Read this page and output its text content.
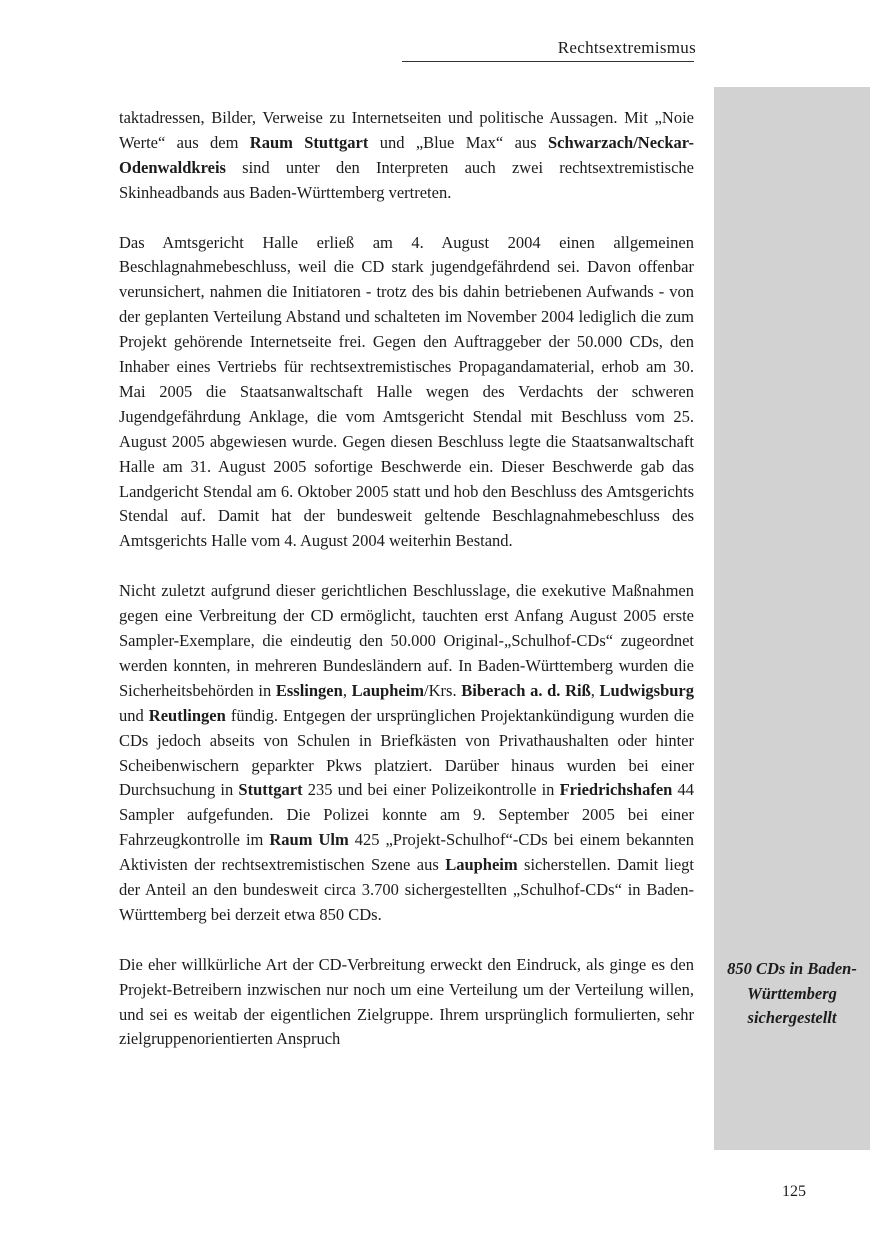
Rechtsextremismus
850 CDs in Baden-Württemberg sichergestellt

taktadressen, Bilder, Verweise zu Internetseiten und politische Aussagen. Mit „Noie Werte“ aus dem Raum Stuttgart und „Blue Max“ aus Schwarzach/Neckar-Odenwaldkreis sind unter den Interpreten auch zwei rechtsextremistische Skinheadbands aus Baden-Württemberg vertreten.

Das Amtsgericht Halle erließ am 4. August 2004 einen allgemeinen Beschlagnahmebeschluss, weil die CD stark jugendgefährdend sei. Davon offenbar verunsichert, nahmen die Initiatoren - trotz des bis dahin betriebenen Aufwands - von der geplanten Verteilung Abstand und schalteten im November 2004 lediglich die zum Projekt gehörende Internetseite frei. Gegen den Auftraggeber der 50.000 CDs, den Inhaber eines Vertriebs für rechtsextremistisches Propagandamaterial, erhob am 30. Mai 2005 die Staatsanwaltschaft Halle wegen des Verdachts der schweren Jugendgefährdung Anklage, die vom Amtsgericht Stendal mit Beschluss vom 25. August 2005 abgewiesen wurde. Gegen diesen Beschluss legte die Staatsanwaltschaft Halle am 31. August 2005 sofortige Beschwerde ein. Dieser Beschwerde gab das Landgericht Stendal am 6. Oktober 2005 statt und hob den Beschluss des Amtsgerichts Stendal auf. Damit hat der bundesweit geltende Beschlagnahmebeschluss des Amtsgerichts Halle vom 4. August 2004 weiterhin Bestand.

Nicht zuletzt aufgrund dieser gerichtlichen Beschlusslage, die exekutive Maßnahmen gegen eine Verbreitung der CD ermöglicht, tauchten erst Anfang August 2005 erste Sampler-Exemplare, die eindeutig den 50.000 Original-„Schulhof-CDs“ zugeordnet werden konnten, in mehreren Bundesländern auf. In Baden-Württemberg wurden die Sicherheitsbehörden in Esslingen, Laupheim/Krs. Biberach a. d. Riß, Ludwigsburg und Reutlingen fündig. Entgegen der ursprünglichen Projektankündigung wurden die CDs jedoch abseits von Schulen in Briefkästen von Privathaushalten oder hinter Scheibenwischern geparkter Pkws platziert. Darüber hinaus wurden bei einer Durchsuchung in Stuttgart 235 und bei einer Polizeikontrolle in Friedrichshafen 44 Sampler aufgefunden. Die Polizei konnte am 9. September 2005 bei einer Fahrzeugkontrolle im Raum Ulm 425 „Projekt-Schulhof“-CDs bei einem bekannten Aktivisten der rechtsextremistischen Szene aus Laupheim sicherstellen. Damit liegt der Anteil an den bundesweit circa 3.700 sichergestellten „Schulhof-CDs“ in Baden-Württemberg bei derzeit etwa 850 CDs.

Die eher willkürliche Art der CD-Verbreitung erweckt den Eindruck, als ginge es den Projekt-Betreibern inzwischen nur noch um eine Verteilung um der Verteilung willen, und sei es weitab der eigentlichen Zielgruppe. Ihrem ursprünglich formulierten, sehr zielgruppenorientierten Anspruch

125
